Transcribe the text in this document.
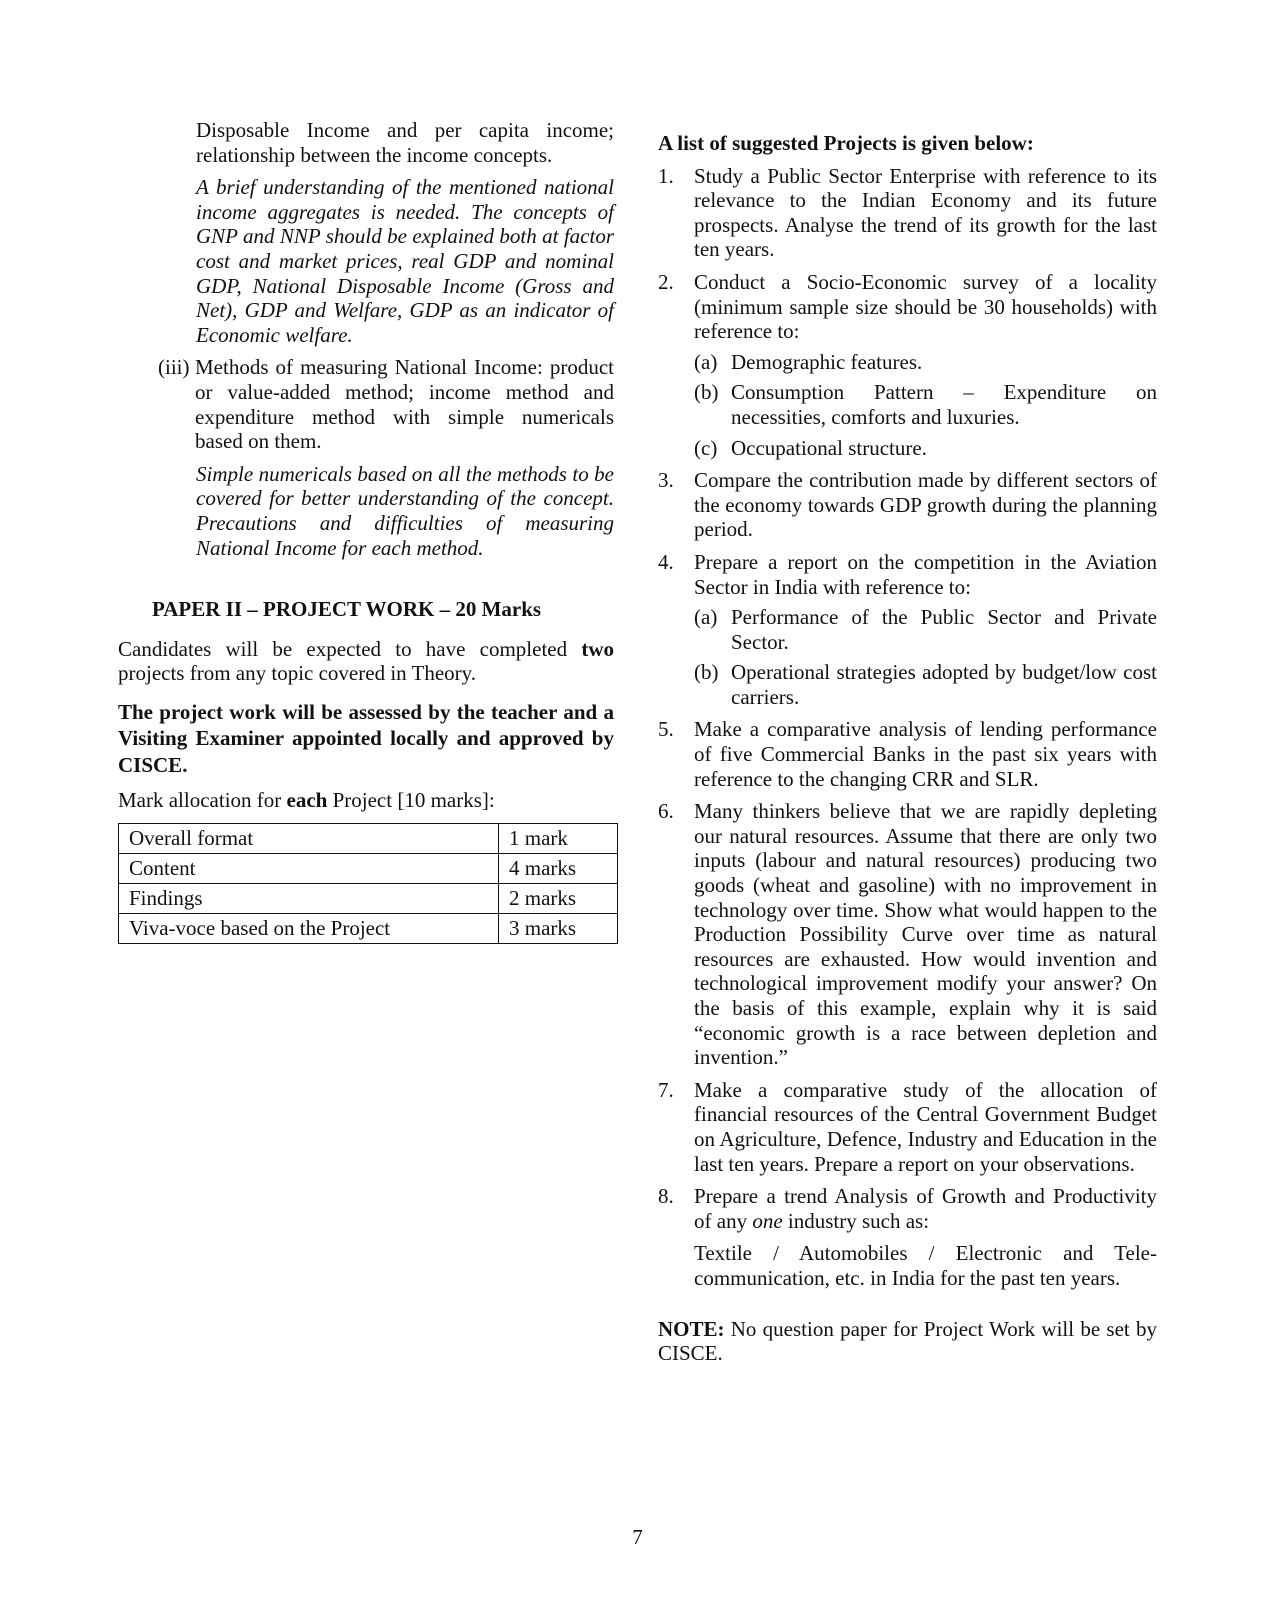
Disposable Income and per capita income; relationship between the income concepts.

A brief understanding of the mentioned national income aggregates is needed. The concepts of GNP and NNP should be explained both at factor cost and market prices, real GDP and nominal GDP, National Disposable Income (Gross and Net), GDP and Welfare, GDP as an indicator of Economic welfare.

(iii) Methods of measuring National Income: product or value-added method; income method and expenditure method with simple numericals based on them.

Simple numericals based on all the methods to be covered for better understanding of the concept. Precautions and difficulties of measuring National Income for each method.

PAPER II – PROJECT WORK – 20 Marks

Candidates will be expected to have completed two projects from any topic covered in Theory.

The project work will be assessed by the teacher and a Visiting Examiner appointed locally and approved by CISCE.

Mark allocation for each Project [10 marks]:

Overall format	1 mark
Content	4 marks
Findings	2 marks
Viva-voce based on the Project	3 marks

A list of suggested Projects is given below:

1. Study a Public Sector Enterprise with reference to its relevance to the Indian Economy and its future prospects. Analyse the trend of its growth for the last ten years.

2. Conduct a Socio-Economic survey of a locality (minimum sample size should be 30 households) with reference to:

(a) Demographic features.

(b) Consumption Pattern – Expenditure on necessities, comforts and luxuries.

(c) Occupational structure.

3. Compare the contribution made by different sectors of the economy towards GDP growth during the planning period.

4. Prepare a report on the competition in the Aviation Sector in India with reference to:

(a) Performance of the Public Sector and Private Sector.

(b) Operational strategies adopted by budget/low cost carriers.

5. Make a comparative analysis of lending performance of five Commercial Banks in the past six years with reference to the changing CRR and SLR.

6. Many thinkers believe that we are rapidly depleting our natural resources. Assume that there are only two inputs (labour and natural resources) producing two goods (wheat and gasoline) with no improvement in technology over time. Show what would happen to the Production Possibility Curve over time as natural resources are exhausted. How would invention and technological improvement modify your answer? On the basis of this example, explain why it is said “economic growth is a race between depletion and invention.”

7. Make a comparative study of the allocation of financial resources of the Central Government Budget on Agriculture, Defence, Industry and Education in the last ten years. Prepare a report on your observations.

8. Prepare a trend Analysis of Growth and Productivity of any one industry such as:

Textile / Automobiles / Electronic and Tele-communication, etc. in India for the past ten years.

NOTE: No question paper for Project Work will be set by CISCE.

7
